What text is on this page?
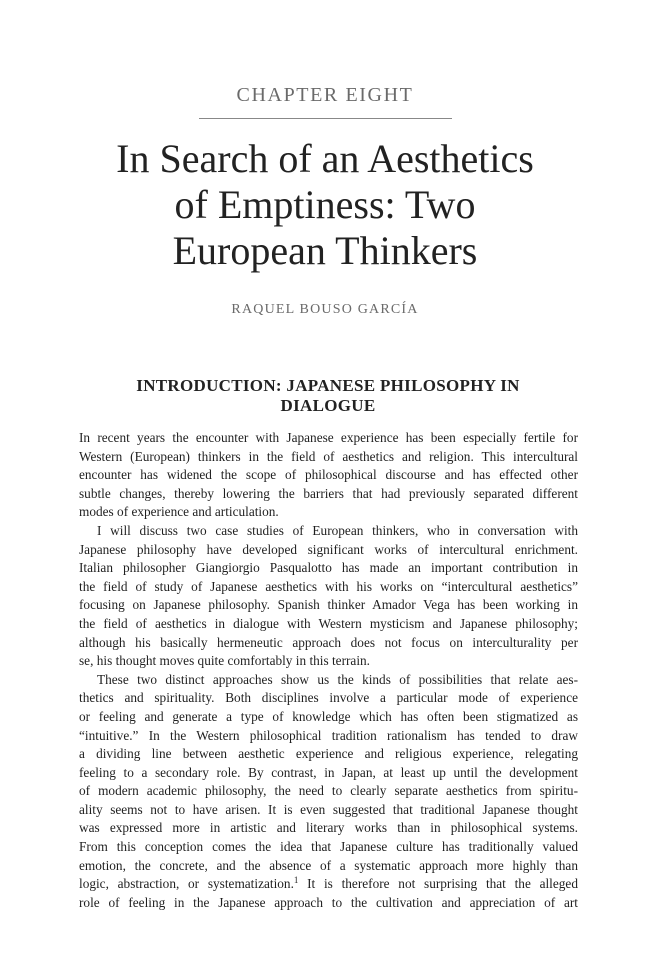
CHAPTER EIGHT
In Search of an Aesthetics
of Emptiness: Two
European Thinkers
RAQUEL BOUSO GARCÍA
INTRODUCTION: JAPANESE PHILOSOPHY IN
DIALOGUE
In recent years the encounter with Japanese experience has been especially fertile for
Western (European) thinkers in the field of aesthetics and religion. This intercultural
encounter has widened the scope of philosophical discourse and has effected other
subtle changes, thereby lowering the barriers that had previously separated different
modes of experience and articulation.
I will discuss two case studies of European thinkers, who in conversation with
Japanese philosophy have developed significant works of intercultural enrichment.
Italian philosopher Giangiorgio Pasqualotto has made an important contribution in
the field of study of Japanese aesthetics with his works on “intercultural aesthetics”
focusing on Japanese philosophy. Spanish thinker Amador Vega has been working in
the field of aesthetics in dialogue with Western mysticism and Japanese philosophy;
although his basically hermeneutic approach does not focus on interculturality per
se, his thought moves quite comfortably in this terrain.
These two distinct approaches show us the kinds of possibilities that relate aes-
thetics and spirituality. Both disciplines involve a particular mode of experience
or feeling and generate a type of knowledge which has often been stigmatized as
“intuitive.” In the Western philosophical tradition rationalism has tended to draw
a dividing line between aesthetic experience and religious experience, relegating
feeling to a secondary role. By contrast, in Japan, at least up until the development
of modern academic philosophy, the need to clearly separate aesthetics from spiritu-
ality seems not to have arisen. It is even suggested that traditional Japanese thought
was expressed more in artistic and literary works than in philosophical systems.
From this conception comes the idea that Japanese culture has traditionally valued
emotion, the concrete, and the absence of a systematic approach more highly than
logic, abstraction, or systematization.$^1$ It is therefore not surprising that the alleged
role of feeling in the Japanese approach to the cultivation and appreciation of art
